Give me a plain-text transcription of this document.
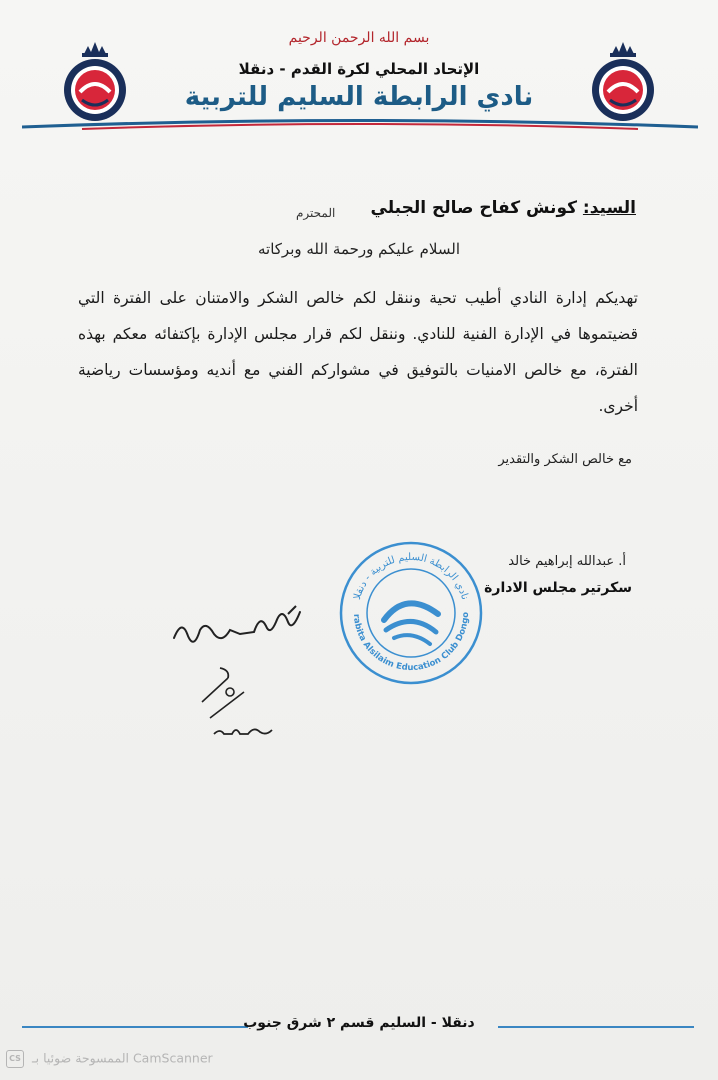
بسم الله الرحمن الرحيم
الإتحاد المحلي لكرة القدم - دنقلا
نادي الرابطة السليم للتربية
السيد: كونش كفاح صالح الجبلي
المحترم
السلام عليكم ورحمة الله وبركاته
تهديكم إدارة النادي أطيب تحية وننقل لكم خالص الشكر والامتنان على الفترة التي قضيتموها في الإدارة الفنية للنادي. وننقل لكم قرار مجلس الإدارة بإكتفائه معكم بهذه الفترة، مع خالص الامنيات بالتوفيق في مشواركم الفني مع أنديه ومؤسسات رياضية أخرى.
مع خالص الشكر والتقدير
نادي الرابطة السليم للتربية - دنقلا
rabita Alsilaim Education Club Dongo
أ. عبدالله إبراهيم خالد
سكرتير مجلس الادارة
دنقلا - السليم قسم ٢ شرق جنوب
CS الممسوحة ضوئيا بـ CamScanner
